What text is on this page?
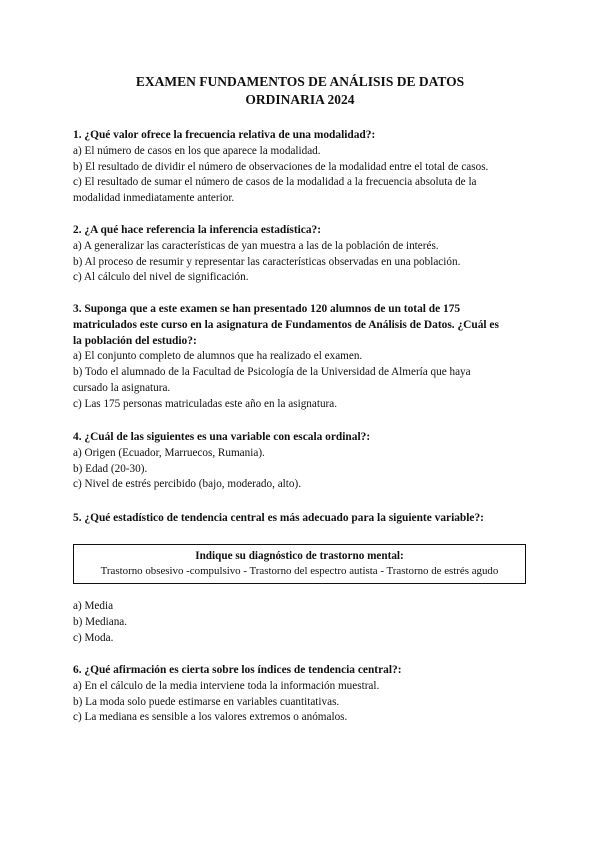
EXAMEN FUNDAMENTOS DE ANÁLISIS DE DATOS
ORDINARIA 2024
1. ¿Qué valor ofrece la frecuencia relativa de una modalidad?:
a) El número de casos en los que aparece la modalidad.
b) El resultado de dividir el número de observaciones de la modalidad entre el total de casos.
c) El resultado de sumar el número de casos de la modalidad a la frecuencia absoluta de la
modalidad inmediatamente anterior.
2. ¿A qué hace referencia la inferencia estadística?:
a) A generalizar las características de yan muestra a las de la población de interés.
b) Al proceso de resumir y representar las características observadas en una población.
c) Al cálculo del nivel de significación.
3. Suponga que a este examen se han presentado 120 alumnos de un total de 175
matriculados este curso en la asignatura de Fundamentos de Análisis de Datos. ¿Cuál es
la población del estudio?:
a) El conjunto completo de alumnos que ha realizado el examen.
b) Todo el alumnado de la Facultad de Psicología de la Universidad de Almería que haya
cursado la asignatura.
c) Las 175 personas matriculadas este año en la asignatura.
4. ¿Cuál de las siguientes es una variable con escala ordinal?:
a) Origen (Ecuador, Marruecos, Rumania).
b) Edad (20-30).
c) Nivel de estrés percibido (bajo, moderado, alto).
5. ¿Qué estadístico de tendencia central es más adecuado para la siguiente variable?:
Indique su diagnóstico de trastorno mental:
Trastorno obsesivo -compulsivo - Trastorno del espectro autista - Trastorno de estrés agudo
a) Media
b) Mediana.
c) Moda.
6. ¿Qué afirmación es cierta sobre los índices de tendencia central?:
a) En el cálculo de la media interviene toda la información muestral.
b) La moda solo puede estimarse en variables cuantitativas.
c) La mediana es sensible a los valores extremos o anómalos.
